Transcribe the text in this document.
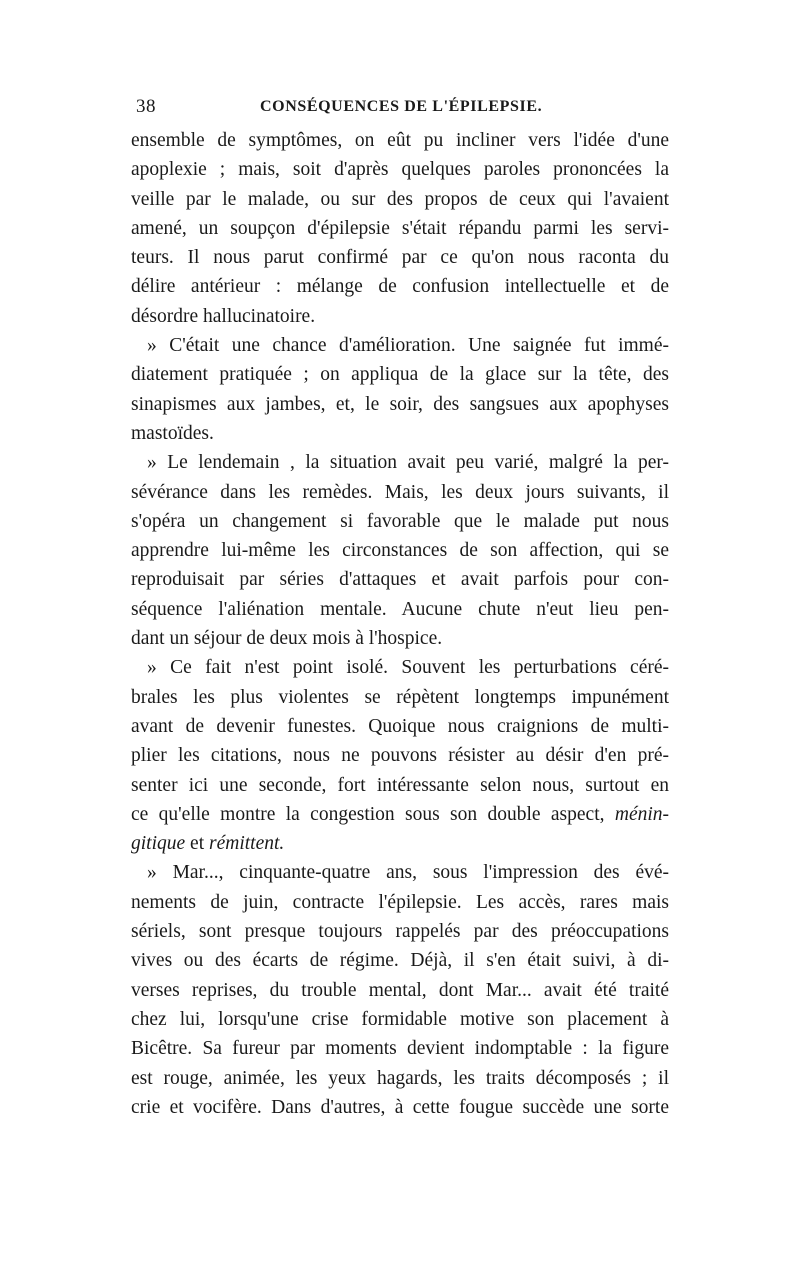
38	CONSÉQUENCES DE L'ÉPILEPSIE.
ensemble de symptômes, on eût pu incliner vers l'idée d'une
apoplexie ; mais, soit d'après quelques paroles prononcées la
veille par le malade, ou sur des propos de ceux qui l'avaient
amené, un soupçon d'épilepsie s'était répandu parmi les servi-
teurs. Il nous parut confirmé par ce qu'on nous raconta du
délire antérieur : mélange de confusion intellectuelle et de
désordre hallucinatoire.
» C'était une chance d'amélioration. Une saignée fut immé-
diatement pratiquée ; on appliqua de la glace sur la tête, des
sinapismes aux jambes, et, le soir, des sangsues aux apophyses
mastoïdes.
» Le lendemain , la situation avait peu varié, malgré la per-
sévérance dans les remèdes. Mais, les deux jours suivants, il
s'opéra un changement si favorable que le malade put nous
apprendre lui-même les circonstances de son affection, qui se
reproduisait par séries d'attaques et avait parfois pour con-
séquence l'aliénation mentale. Aucune chute n'eut lieu pen-
dant un séjour de deux mois à l'hospice.
» Ce fait n'est point isolé. Souvent les perturbations céré-
brales les plus violentes se répètent longtemps impunément
avant de devenir funestes. Quoique nous craignions de multi-
plier les citations, nous ne pouvons résister au désir d'en pré-
senter ici une seconde, fort intéressante selon nous, surtout en
ce qu'elle montre la congestion sous son double aspect, ménin-
gitique et rémittent.
» Mar..., cinquante-quatre ans, sous l'impression des évé-
nements de juin, contracte l'épilepsie. Les accès, rares mais
sériels, sont presque toujours rappelés par des préoccupations
vives ou des écarts de régime. Déjà, il s'en était suivi, à di-
verses reprises, du trouble mental, dont Mar... avait été traité
chez lui, lorsqu'une crise formidable motive son placement à
Bicêtre. Sa fureur par moments devient indomptable : la figure
est rouge, animée, les yeux hagards, les traits décomposés ; il
crie et vocifère. Dans d'autres, à cette fougue succède une sorte
